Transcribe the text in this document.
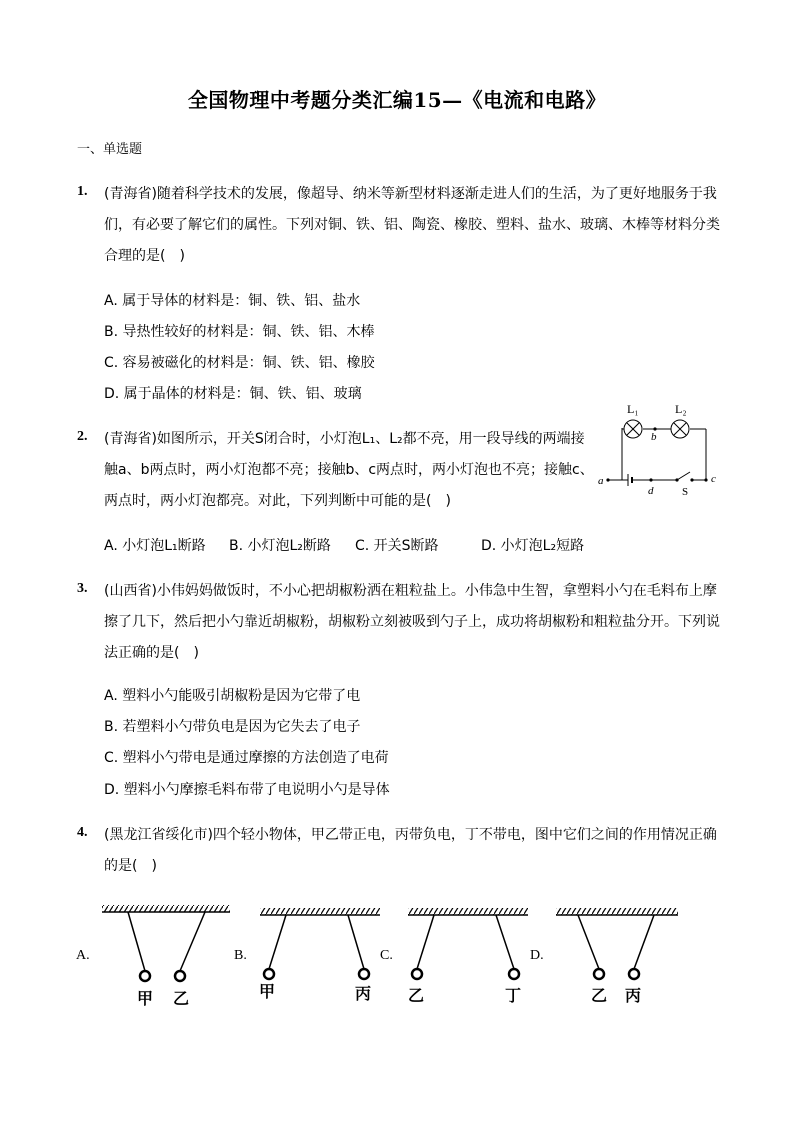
全国物理中考题分类汇编15—《电流和电路》
一、单选题
1. (青海省)随着科学技术的发展，像超导、纳米等新型材料逐渐走进人们的生活，为了更好地服务于我
们，有必要了解它们的属性。下列对铜、铁、铝、陶瓷、橡胶、塑料、盐水、玻璃、木棒等材料分类
合理的是(　)
A. 属于导体的材料是：铜、铁、铝、盐水
B. 导热性较好的材料是：铜、铁、铝、木棒
C. 容易被磁化的材料是：铜、铁、铝、橡胶
D. 属于晶体的材料是：铜、铁、铝、玻璃
2. (青海省)如图所示，开关S闭合时，小灯泡L₁、L₂都不亮，用一段导线的两端接
触a、b两点时，两小灯泡都不亮；接触b、c两点时，两小灯泡也不亮；接触c、
两点时，两小灯泡都亮。对此，下列判断中可能的是(　)
L₁	L₂
b
a	c
d	S
A. 小灯泡L₁断路 B. 小灯泡L₂断路 C. 开关S断路	D. 小灯泡L₂短路
3. (山西省)小伟妈妈做饭时，不小心把胡椒粉洒在粗粒盐上。小伟急中生智，拿塑料小勺在毛料布上摩
擦了几下，然后把小勺靠近胡椒粉，胡椒粉立刻被吸到勺子上，成功将胡椒粉和粗粒盐分开。下列说
法正确的是(　)
A. 塑料小勺能吸引胡椒粉是因为它带了电
B. 若塑料小勺带负电是因为它失去了电子
C. 塑料小勺带电是通过摩擦的方法创造了电荷
D. 塑料小勺摩擦毛料布带了电说明小勺是导体
4. (黑龙江省绥化市)四个轻小物体，甲乙带正电，丙带负电，丁不带电，图中它们之间的作用情况正确
的是(　)
A.	B.	C.	D.
甲 乙	甲	丙 乙	丁	乙 丙
